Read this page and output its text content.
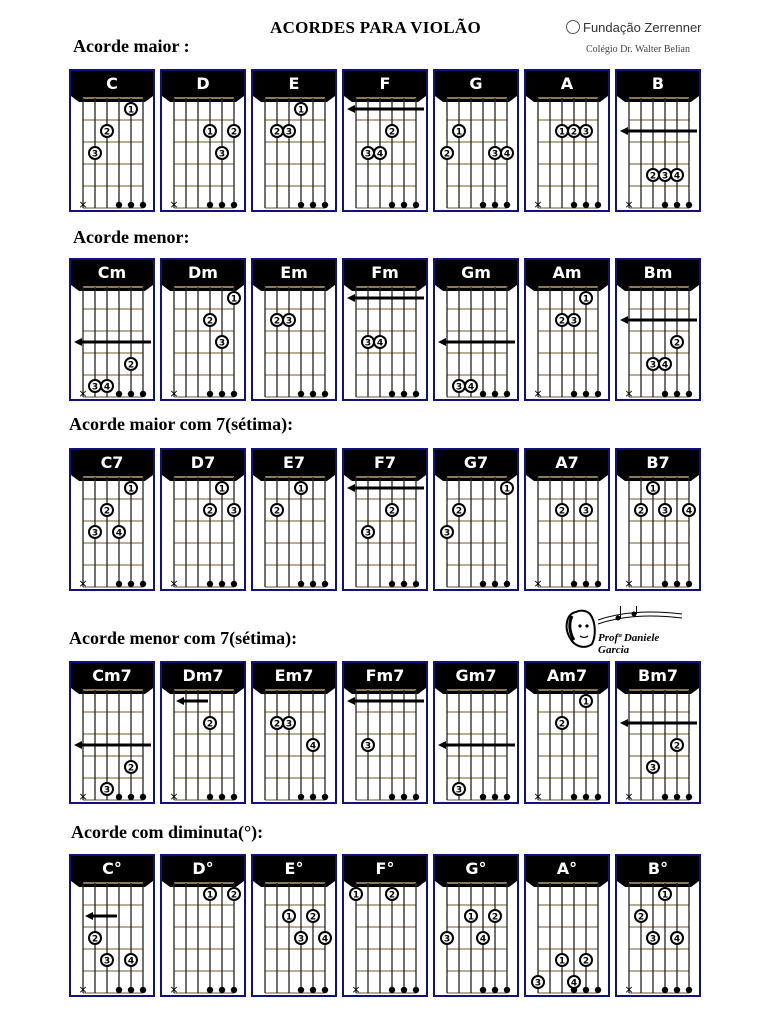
ACORDES PARA VIOLÃO	Fundação Zerrenner
Colégio Dr. Walter Belian
Profª Daniele Garcia
Acorde maior :
C
×
1
2
3
D
×
2
1
3
E
1
2 3
F
2
3 4
G
1
2	3 4
A
×
1 2 3
B
×
2 3 4
Acorde menor:
Cm
×
2
3 4
Dm
×
1
2
3
Em
2 3
Fm
3 4
Gm
3 4
Am
×
1
2 3
Bm
×
2
3 4
Acorde maior com 7(sétima):
C7
×
1
2
3 4
D7
×
1
2 3
E7
1
2
F7
2
3
G7
1
2
3
A7
×
2 3
B7
×
1
2 3 4
Acorde menor com 7(sétima):
Cm7
×
2
3
Dm7
×
2
Em7
2 3
4
Fm7
3
Gm7
3
Am7
×
1
2
Bm7
×
2
3
Acorde com diminuta(°):
C°
×
2
3 4
D°
×
1 2
E°
1 2
3 4
F°
×
1	2
G°
1 2
3	4
A°
1 2
3	4
B°
×
1
2
3 4
